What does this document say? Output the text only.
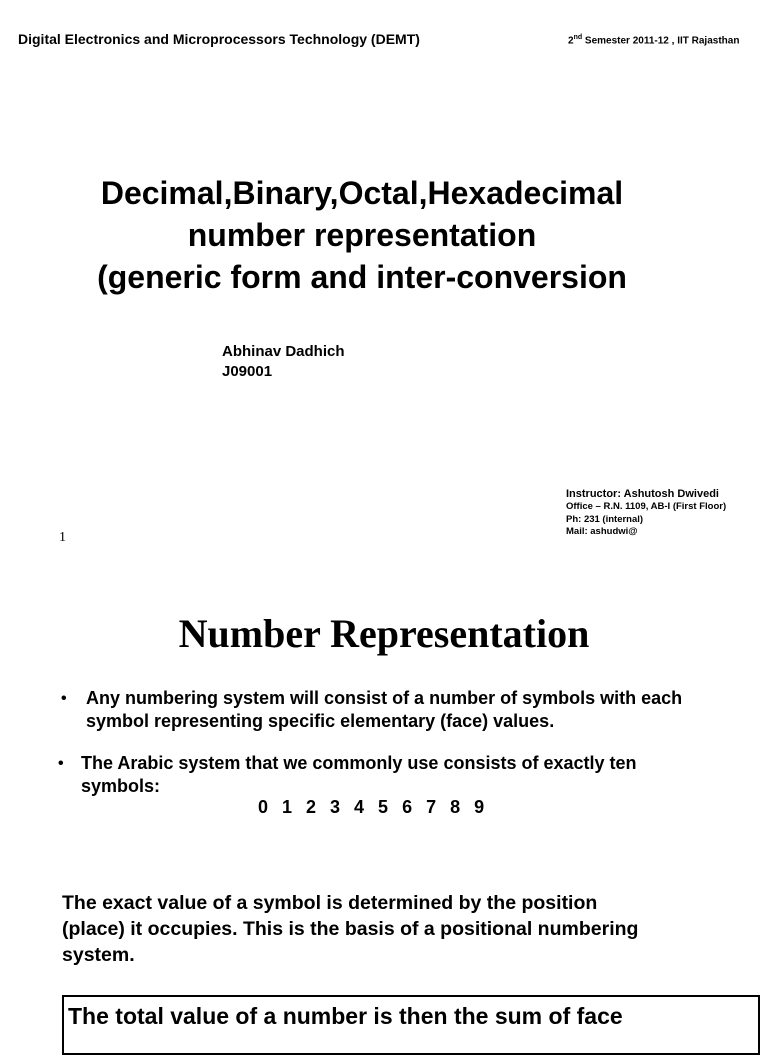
Digital Electronics and Microprocessors Technology (DEMT)	2nd Semester 2011-12 , IIT Rajasthan
Decimal,Binary,Octal,Hexadecimal
number representation
(generic form and inter-conversion
Abhinav Dadhich
J09001
Instructor: Ashutosh Dwivedi
Office – R.N. 1109, AB-I (First Floor)
Ph: 231 (internal)
Mail: ashudwi@
1
Number Representation
• Any numbering system will consist of a number of symbols with each
symbol representing specific elementary (face) values.
• The Arabic system that we commonly use consists of exactly ten
symbols:
0 1 2 3 4 5 6 7 8 9
The exact value of a symbol is determined by the position
(place) it occupies. This is the basis of a positional numbering
system.
The total value of a number is then the sum of face
